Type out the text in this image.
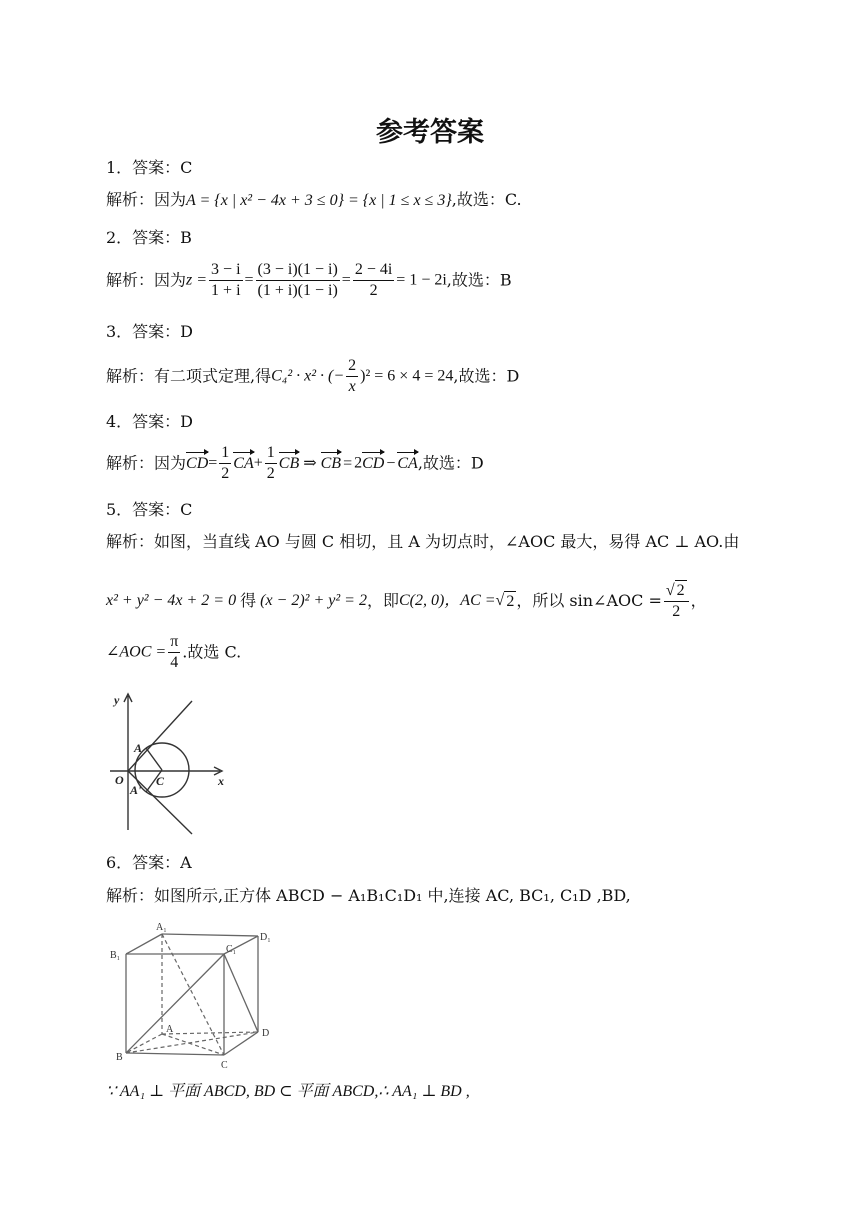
参考答案
1．答案：C
解析：因为A = {x | x² − 4x + 3 ≤ 0} = {x | 1 ≤ x ≤ 3},故选：C.
2．答案：B
解析：因为$z = \frac{3 - i}{1 + i} = \frac{(3 - i)(1 - i)}{(1 + i)(1 - i)} = \frac{2 - 4i}{2} = 1 - 2i$,故选：B
3．答案：D
解析：有二项式定理,得C₄² · x² · (− $\frac{2}{x} )^2 = 6 \times 4 = 24$,故选：D
4．答案：D
解析：因为$CD= \frac{1}{2} CA+ \frac{1}{2}$ CB ⇒ CB = 2CD − CA,故选：D
5．答案：C
解析：如图，当直线 AO 与圆 C 相切，且 A 为切点时，∠AOC 最大，易得 AC ⊥ AO.由
x² + y² − 4x + 2 = 0 得 (x − 2)² + y² = 2，即C(2, 0)，AC =√ 2 ，所以 sin∠AOC = $\frac{√ 2}{2}$ ，
∠AOC = $\frac{\pi}{4}$ .故选 C.
y
x
O
A
A'
C
6．答案：A
解析：如图所示,正方体 ABCD − A₁B₁C₁D₁ 中,连接 AC, BC₁, C₁D ,BD,
A₁
B₁
C₁
D₁
A
B
C
D
∵ AA₁ ⊥ 平面 ABCD, BD ⊂ 平面 ABCD,∴ AA₁ ⊥ BD ,
